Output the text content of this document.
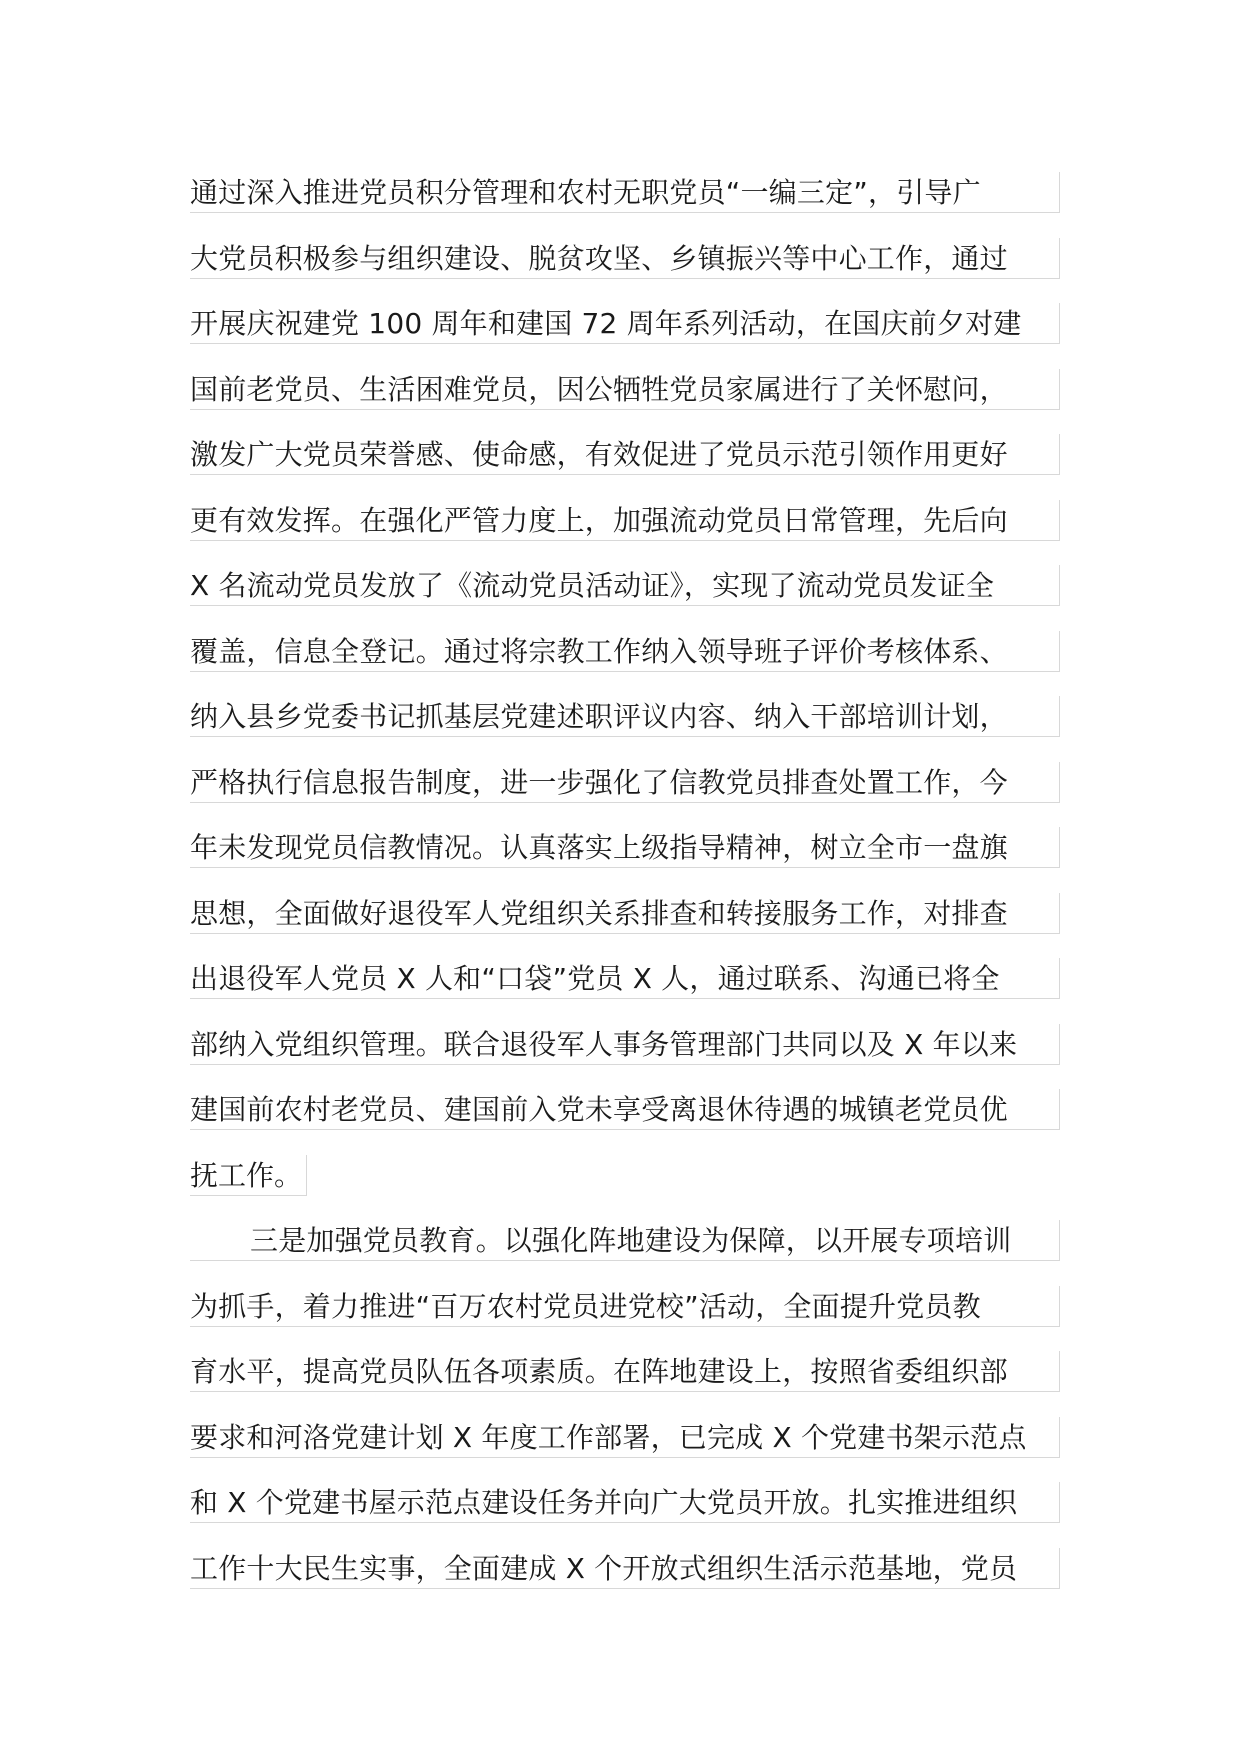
通过深入推进党员积分管理和农村无职党员“一编三定”，引导广
大党员积极参与组织建设、脱贫攻坚、乡镇振兴等中心工作，通过
开展庆祝建党 100 周年和建国 72 周年系列活动，在国庆前夕对建
国前老党员、生活困难党员，因公牺牲党员家属进行了关怀慰问，
激发广大党员荣誉感、使命感，有效促进了党员示范引领作用更好
更有效发挥。在强化严管力度上，加强流动党员日常管理，先后向
X 名流动党员发放了《流动党员活动证》，实现了流动党员发证全
覆盖，信息全登记。通过将宗教工作纳入领导班子评价考核体系、
纳入县乡党委书记抓基层党建述职评议内容、纳入干部培训计划，
严格执行信息报告制度，进一步强化了信教党员排查处置工作，今
年未发现党员信教情况。认真落实上级指导精神，树立全市一盘旗
思想，全面做好退役军人党组织关系排查和转接服务工作，对排查
出退役军人党员 X 人和“口袋”党员 X 人，通过联系、沟通已将全
部纳入党组织管理。联合退役军人事务管理部门共同以及 X 年以来
建国前农村老党员、建国前入党未享受离退休待遇的城镇老党员优
抚工作。
三是加强党员教育。以强化阵地建设为保障，以开展专项培训
为抓手，着力推进“百万农村党员进党校”活动，全面提升党员教
育水平，提高党员队伍各项素质。在阵地建设上，按照省委组织部
要求和河洛党建计划 X 年度工作部署，已完成 X 个党建书架示范点
和 X 个党建书屋示范点建设任务并向广大党员开放。扎实推进组织
工作十大民生实事，全面建成 X 个开放式组织生活示范基地，党员
